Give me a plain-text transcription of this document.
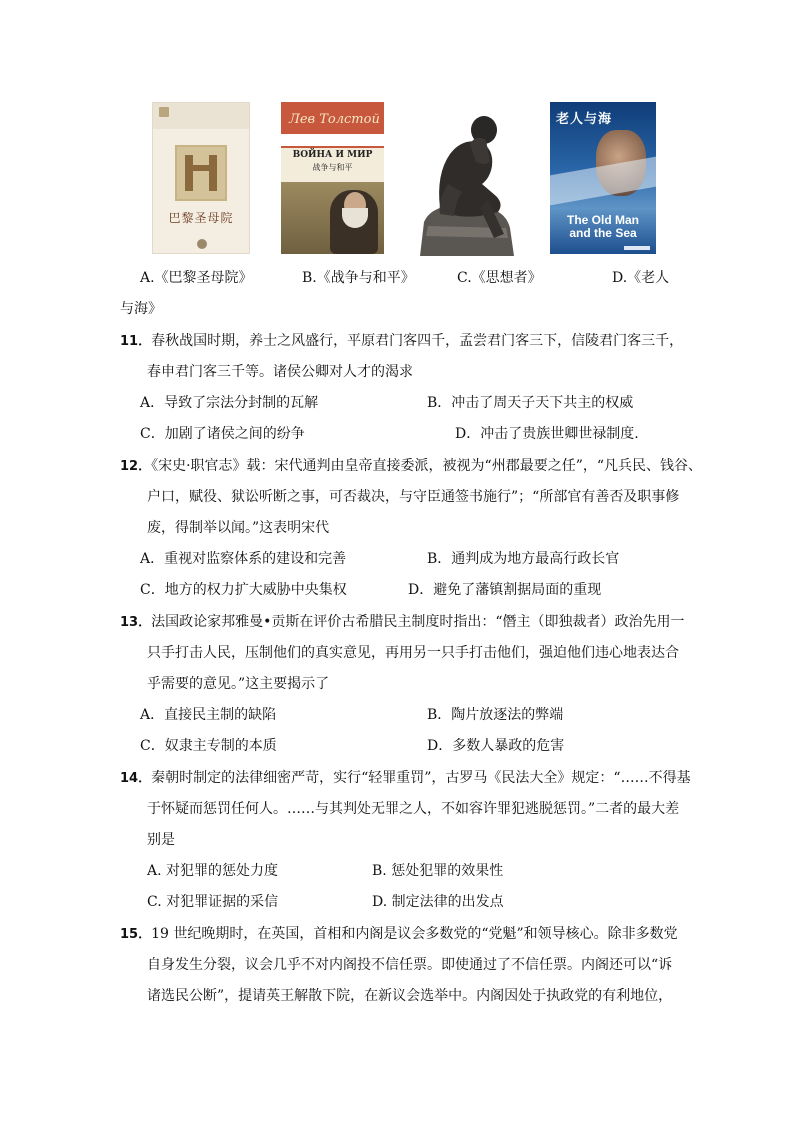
巴黎圣母院
Лев Толстой

ВОЙНА И МИР
战争与和平
老人与海
The Old Man
and the Sea
A.《巴黎圣母院》	B.《战争与和平》	C.《思想者》	D.《老人
与海》
11．春秋战国时期，养士之风盛行，平原君门客四千，孟尝君门客三下，信陵君门客三千，
春申君门客三千等。诸侯公卿对人才的渴求
A．导致了宗法分封制的瓦解	B．冲击了周天子天下共主的权威
C．加剧了诸侯之间的纷争	D．冲击了贵族世卿世禄制度.
12．《宋史·职官志》载：宋代通判由皇帝直接委派，被视为“州郡最要之任”，“凡兵民、钱谷、
户口，赋役、狱讼听断之事，可否裁决，与守臣通签书施行”；“所部官有善否及职事修
废，得制举以闻。”这表明宋代
A．重视对监察体系的建设和完善	B．通判成为地方最高行政长官
C．地方的权力扩大威胁中央集权	D．避免了藩镇割据局面的重现
13．法国政论家邦雅曼•贡斯在评价古希腊民主制度时指出：“僭主（即独裁者）政治先用一
只手打击人民，压制他们的真实意见，再用另一只手打击他们，强迫他们违心地表达合
乎需要的意见。”这主要揭示了
A．直接民主制的缺陷	B．陶片放逐法的弊端
C．奴隶主专制的本质	D．多数人暴政的危害
14．秦朝时制定的法律细密严苛，实行“轻罪重罚”，古罗马《民法大全》规定：“……不得基
于怀疑而惩罚任何人。……与其判处无罪之人，不如容许罪犯逃脱惩罚。”二者的最大差
别是
A. 对犯罪的惩处力度	B. 惩处犯罪的效果性
C. 对犯罪证据的采信	D. 制定法律的出发点
15．19 世纪晚期时，在英国，首相和内阁是议会多数党的“党魁”和领导核心。除非多数党
自身发生分裂，议会几乎不对内阁投不信任票。即使通过了不信任票。内阁还可以“诉
诸选民公断”，提请英王解散下院，在新议会选举中。内阁因处于执政党的有利地位，
